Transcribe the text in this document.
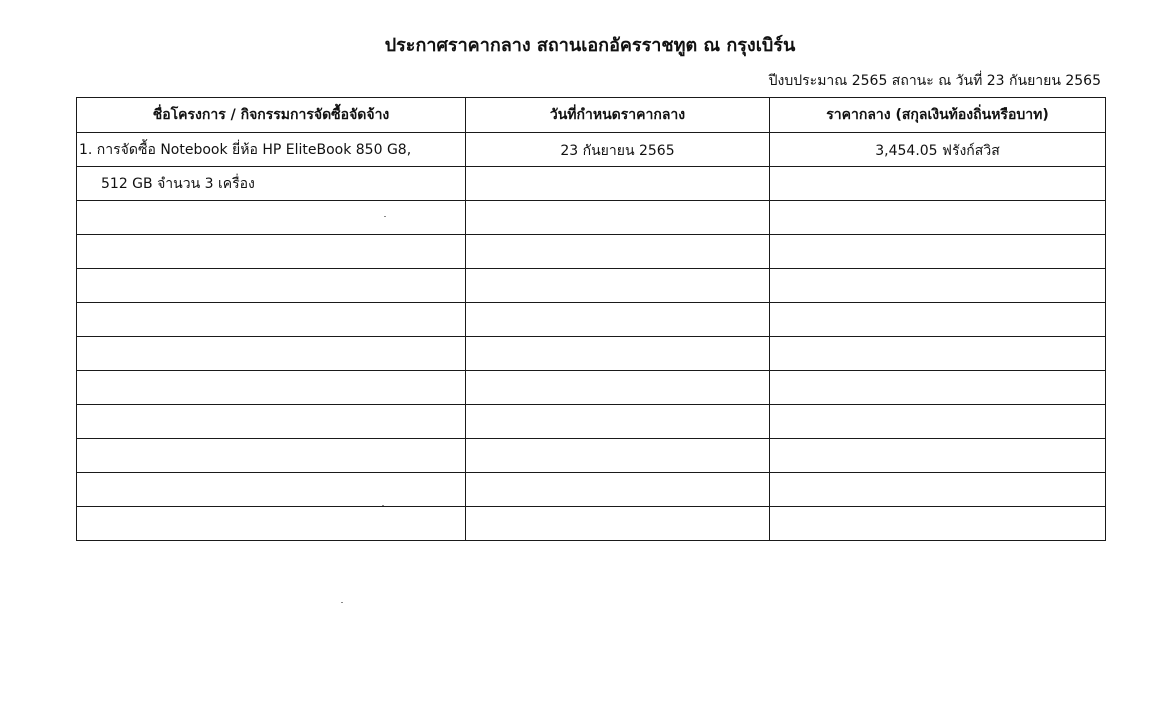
ประกาศราคากลาง สถานเอกอัครราชทูต ณ กรุงเบิร์น
ปีงบประมาณ 2565 สถานะ ณ วันที่ 23 กันยายน 2565
ชื่อโครงการ / กิจกรรมการจัดซื้อจัดจ้าง	วันที่กำหนดราคากลาง	ราคากลาง (สกุลเงินท้องถิ่นหรือบาท)
1. การจัดซื้อ Notebook ยี่ห้อ HP EliteBook 850 G8,	23 กันยายน 2565	3,454.05 ฟรังก์สวิส
512 GB จำนวน 3 เครื่อง		
